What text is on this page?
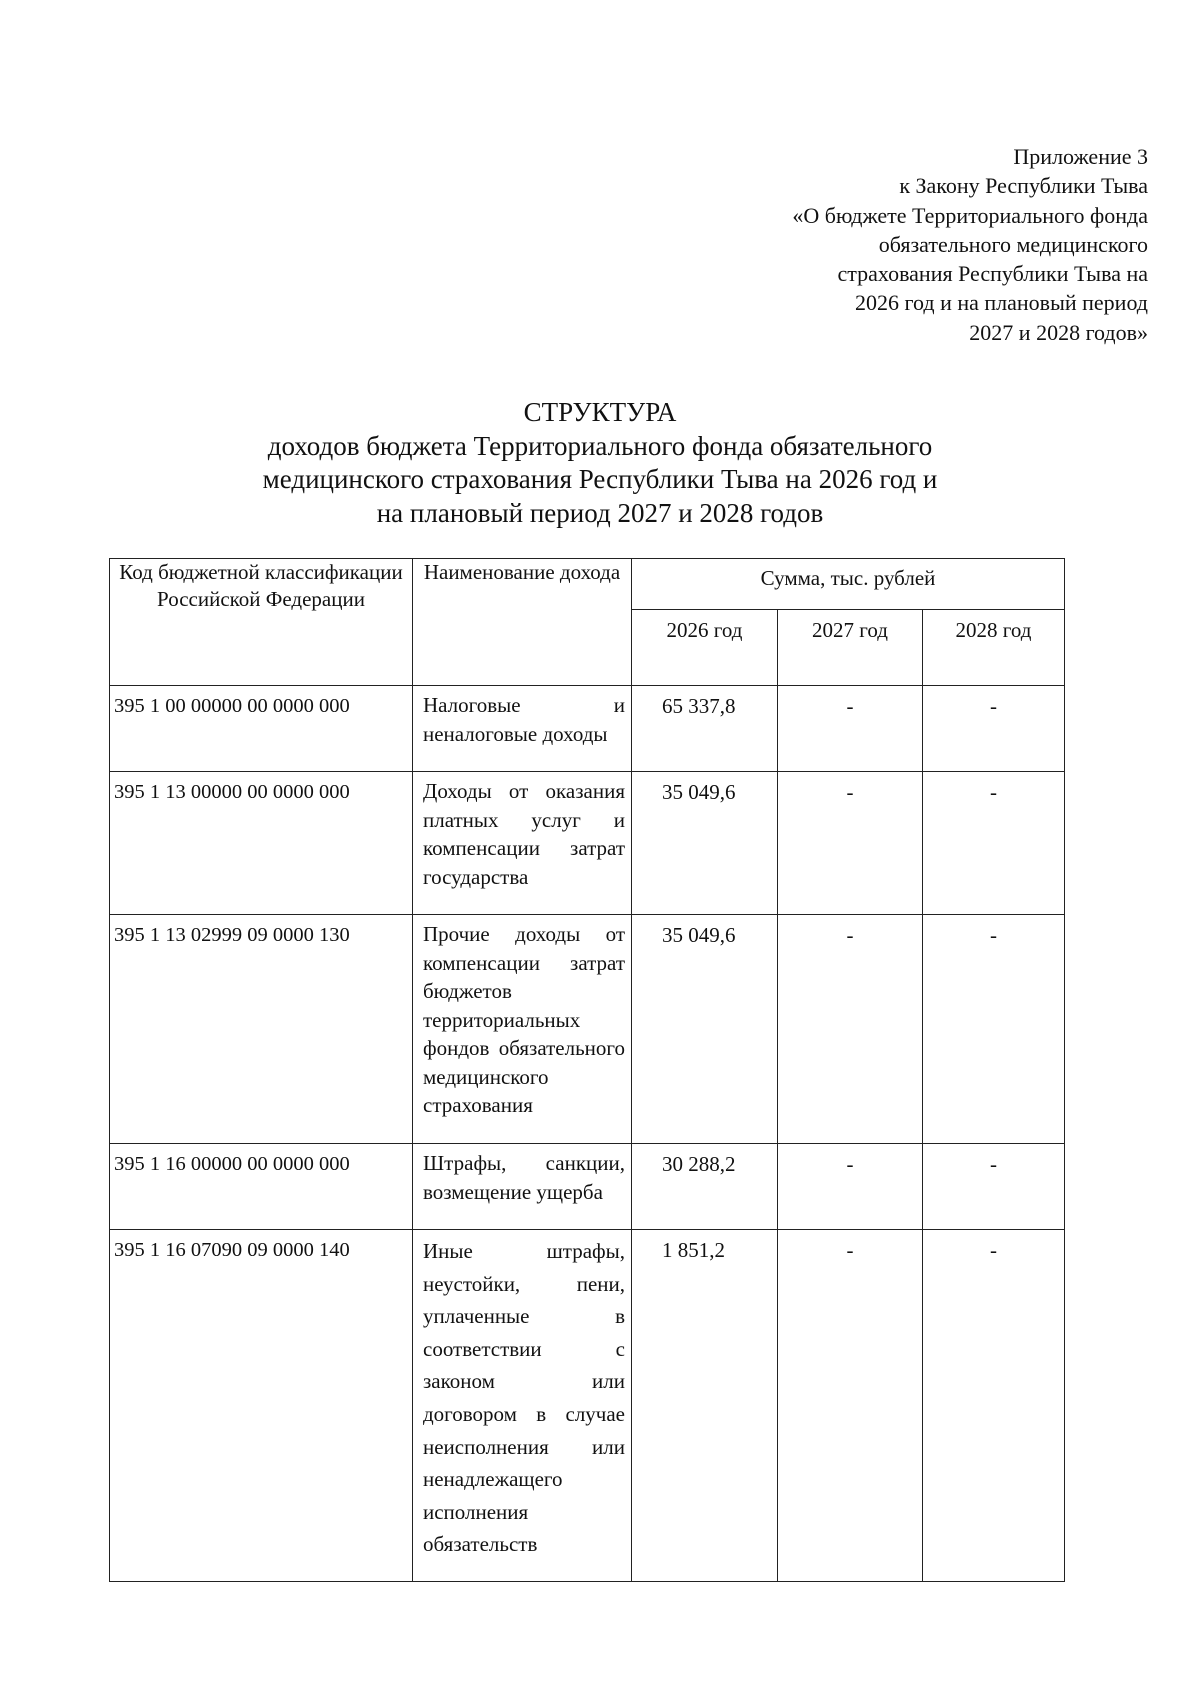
Приложение 3
к Закону Республики Тыва
«О бюджете Территориального фонда
обязательного медицинского
страхования Республики Тыва на
2026 год и на плановый период
2027 и 2028 годов»
СТРУКТУРА
доходов бюджета Территориального фонда обязательного
медицинского страхования Республики Тыва на 2026 год и
на плановый период 2027 и 2028 годов
Код бюджетной классификации Российской Федерации	Наименование дохода	Сумма, тыс. рублей		
		2026 год	2027 год	2028 год
395 1 00 00000 00 0000 000	Налоговые и неналоговые доходы	65 337,8	-	-
395 1 13 00000 00 0000 000	Доходы от оказания платных услуг и компенсации затрат государства	35 049,6	-	-
395 1 13 02999 09 0000 130	Прочие доходы от компенсации затрат бюджетов территориальных фондов обязательного медицинского страхования	35 049,6	-	-
395 1 16 00000 00 0000 000	Штрафы, санкции, возмещение ущерба	30 288,2	-	-
395 1 16 07090 09 0000 140	Иные штрафы, неустойки, пени, уплаченные в соответствии с законом или договором в случае неисполнения или ненадлежащего исполнения обязательств	1 851,2	-	-
